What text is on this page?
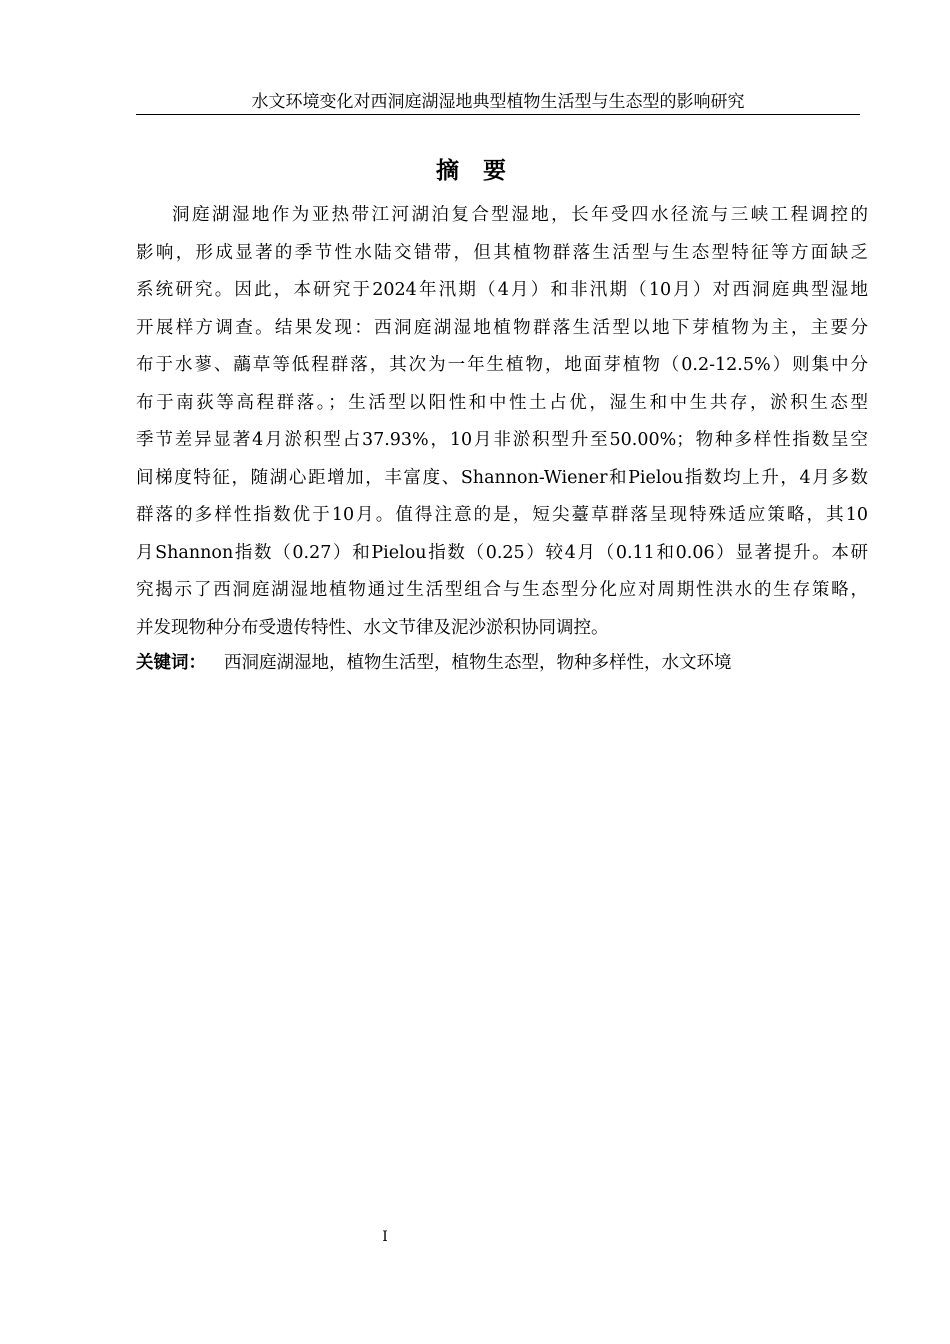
水文环境变化对西洞庭湖湿地典型植物生活型与生态型的影响研究
摘 要
洞庭湖湿地作为亚热带江河湖泊复合型湿地，长年受四水径流与三峡工程调控的
影响，形成显著的季节性水陆交错带，但其植物群落生活型与生态型特征等方面缺乏
系统研究。因此，本研究于2024年汛期（4月）和非汛期（10月）对西洞庭典型湿地
开展样方调查。结果发现：西洞庭湖湿地植物群落生活型以地下芽植物为主，主要分
布于水蓼、虉草等低程群落，其次为一年生植物，地面芽植物（0.2-12.5%）则集中分
布于南荻等高程群落。；生活型以阳性和中性土占优，湿生和中生共存，淤积生态型
季节差异显著4月淤积型占37.93%，10月非淤积型升至50.00%；物种多样性指数呈空
间梯度特征，随湖心距增加，丰富度、Shannon-Wiener和Pielou指数均上升，4月多数
群落的多样性指数优于10月。值得注意的是，短尖薹草群落呈现特殊适应策略，其10
月Shannon指数（0.27）和Pielou指数（0.25）较4月（0.11和0.06）显著提升。本研
究揭示了西洞庭湖湿地植物通过生活型组合与生态型分化应对周期性洪水的生存策略，
并发现物种分布受遗传特性、水文节律及泥沙淤积协同调控。
关键词： 西洞庭湖湿地，植物生活型，植物生态型，物种多样性，水文环境
I
